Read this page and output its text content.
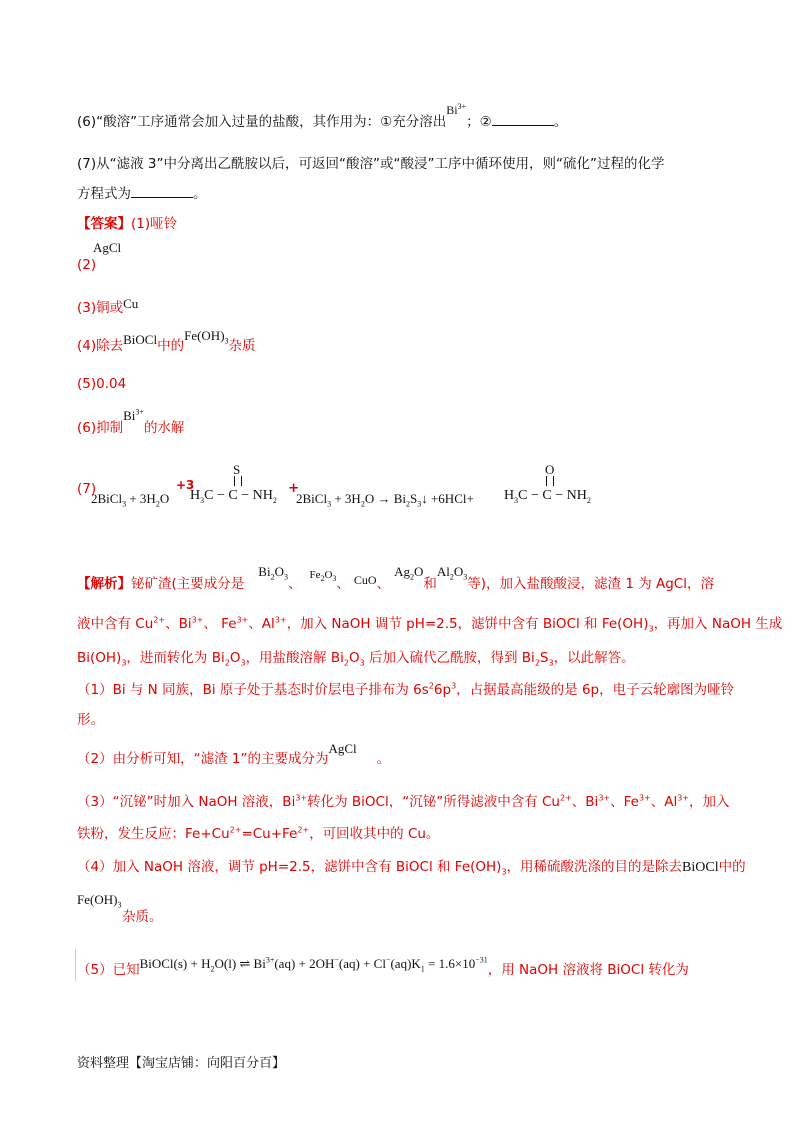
(6)“酸溶”工序通常会加入过量的盐酸，其作用为：①充分溶出$Bi^{3+}$；②	。
(7)从“滤液 3”中分离出乙酰胺以后，可返回“酸溶”或“酸浸”工序中循环使用，则“硫化”过程的化学
方程式为	。
【答案】(1)哑铃
AgCl
(2)
(3)铜或Cu
(4)除去BiOCl中的$Fe(OH)_3$杂质
(5)0.04
(6)抑制$Bi^{3+}$的水解
(7)
2BiCl$_3$ + $3H_2O$
+3
$H_3C - C - NH_2$
S
+
2BiCl$_3$ + $3H_2O$ → $Bi_2S_3↓ +6HCl+ H_3C - C - NH_2$
O
【解析】铋矿渣(主要成分是$Bi_2O_3$、$^{Fe_2O_3}$、 CuO、$Ag_2O$和$Al_2O_3$等)，加入盐酸酸浸，滤渣 1 为 AgCl，溶
液中含有 $Cu^{2+}$、$Bi^{3+}$、 $Fe^{3+}$、$Al^{3+}$，加入 NaOH 调节 pH=2.5，滤饼中含有 BiOCl 和 $Fe(OH)_3$，再加入 NaOH 生成
$Bi(OH)_3$，进而转化为 $Bi_2O_3$，用盐酸溶解 $Bi_2O_3$ 后加入硫代乙酰胺，得到 $Bi_2S_3$，以此解答。
（1）Bi 与 N 同族，Bi 原子处于基态时价层电子排布为 $6s^26p^3$，占据最高能级的是 6p，电子云轮廓图为哑铃
形。
（2）由分析可知，“滤渣 1”的主要成分为AgCl。
（3）“沉铋”时加入 NaOH 溶液，$Bi^{3+}$转化为 BiOCl，“沉铋”所得滤液中含有 $Cu^{2+}$、$Bi^{3+}$、$Fe^{3+}$、$Al^{3+}$，加入
铁粉，发生反应：$Fe+Cu^{2+}=Cu+Fe^{2+}$，可回收其中的 Cu。
（4）加入 NaOH 溶液，调节 pH=2.5，滤饼中含有 BiOCl 和 $Fe(OH)_3$，用稀硫酸洗涤的目的是除去BiOCl中的
$Fe(OH)_3$
杂质。
（5）已知BiOCl(s) + $H_2O(l)$ ⇌ $Bi^{3+}(aq) + 2OH^-(aq) + Cl^-(aq)K_1 = 1.6\times 10^{-31}$，用 NaOH 溶液将 BiOCl 转化为
资料整理【淘宝店铺：向阳百分百】
